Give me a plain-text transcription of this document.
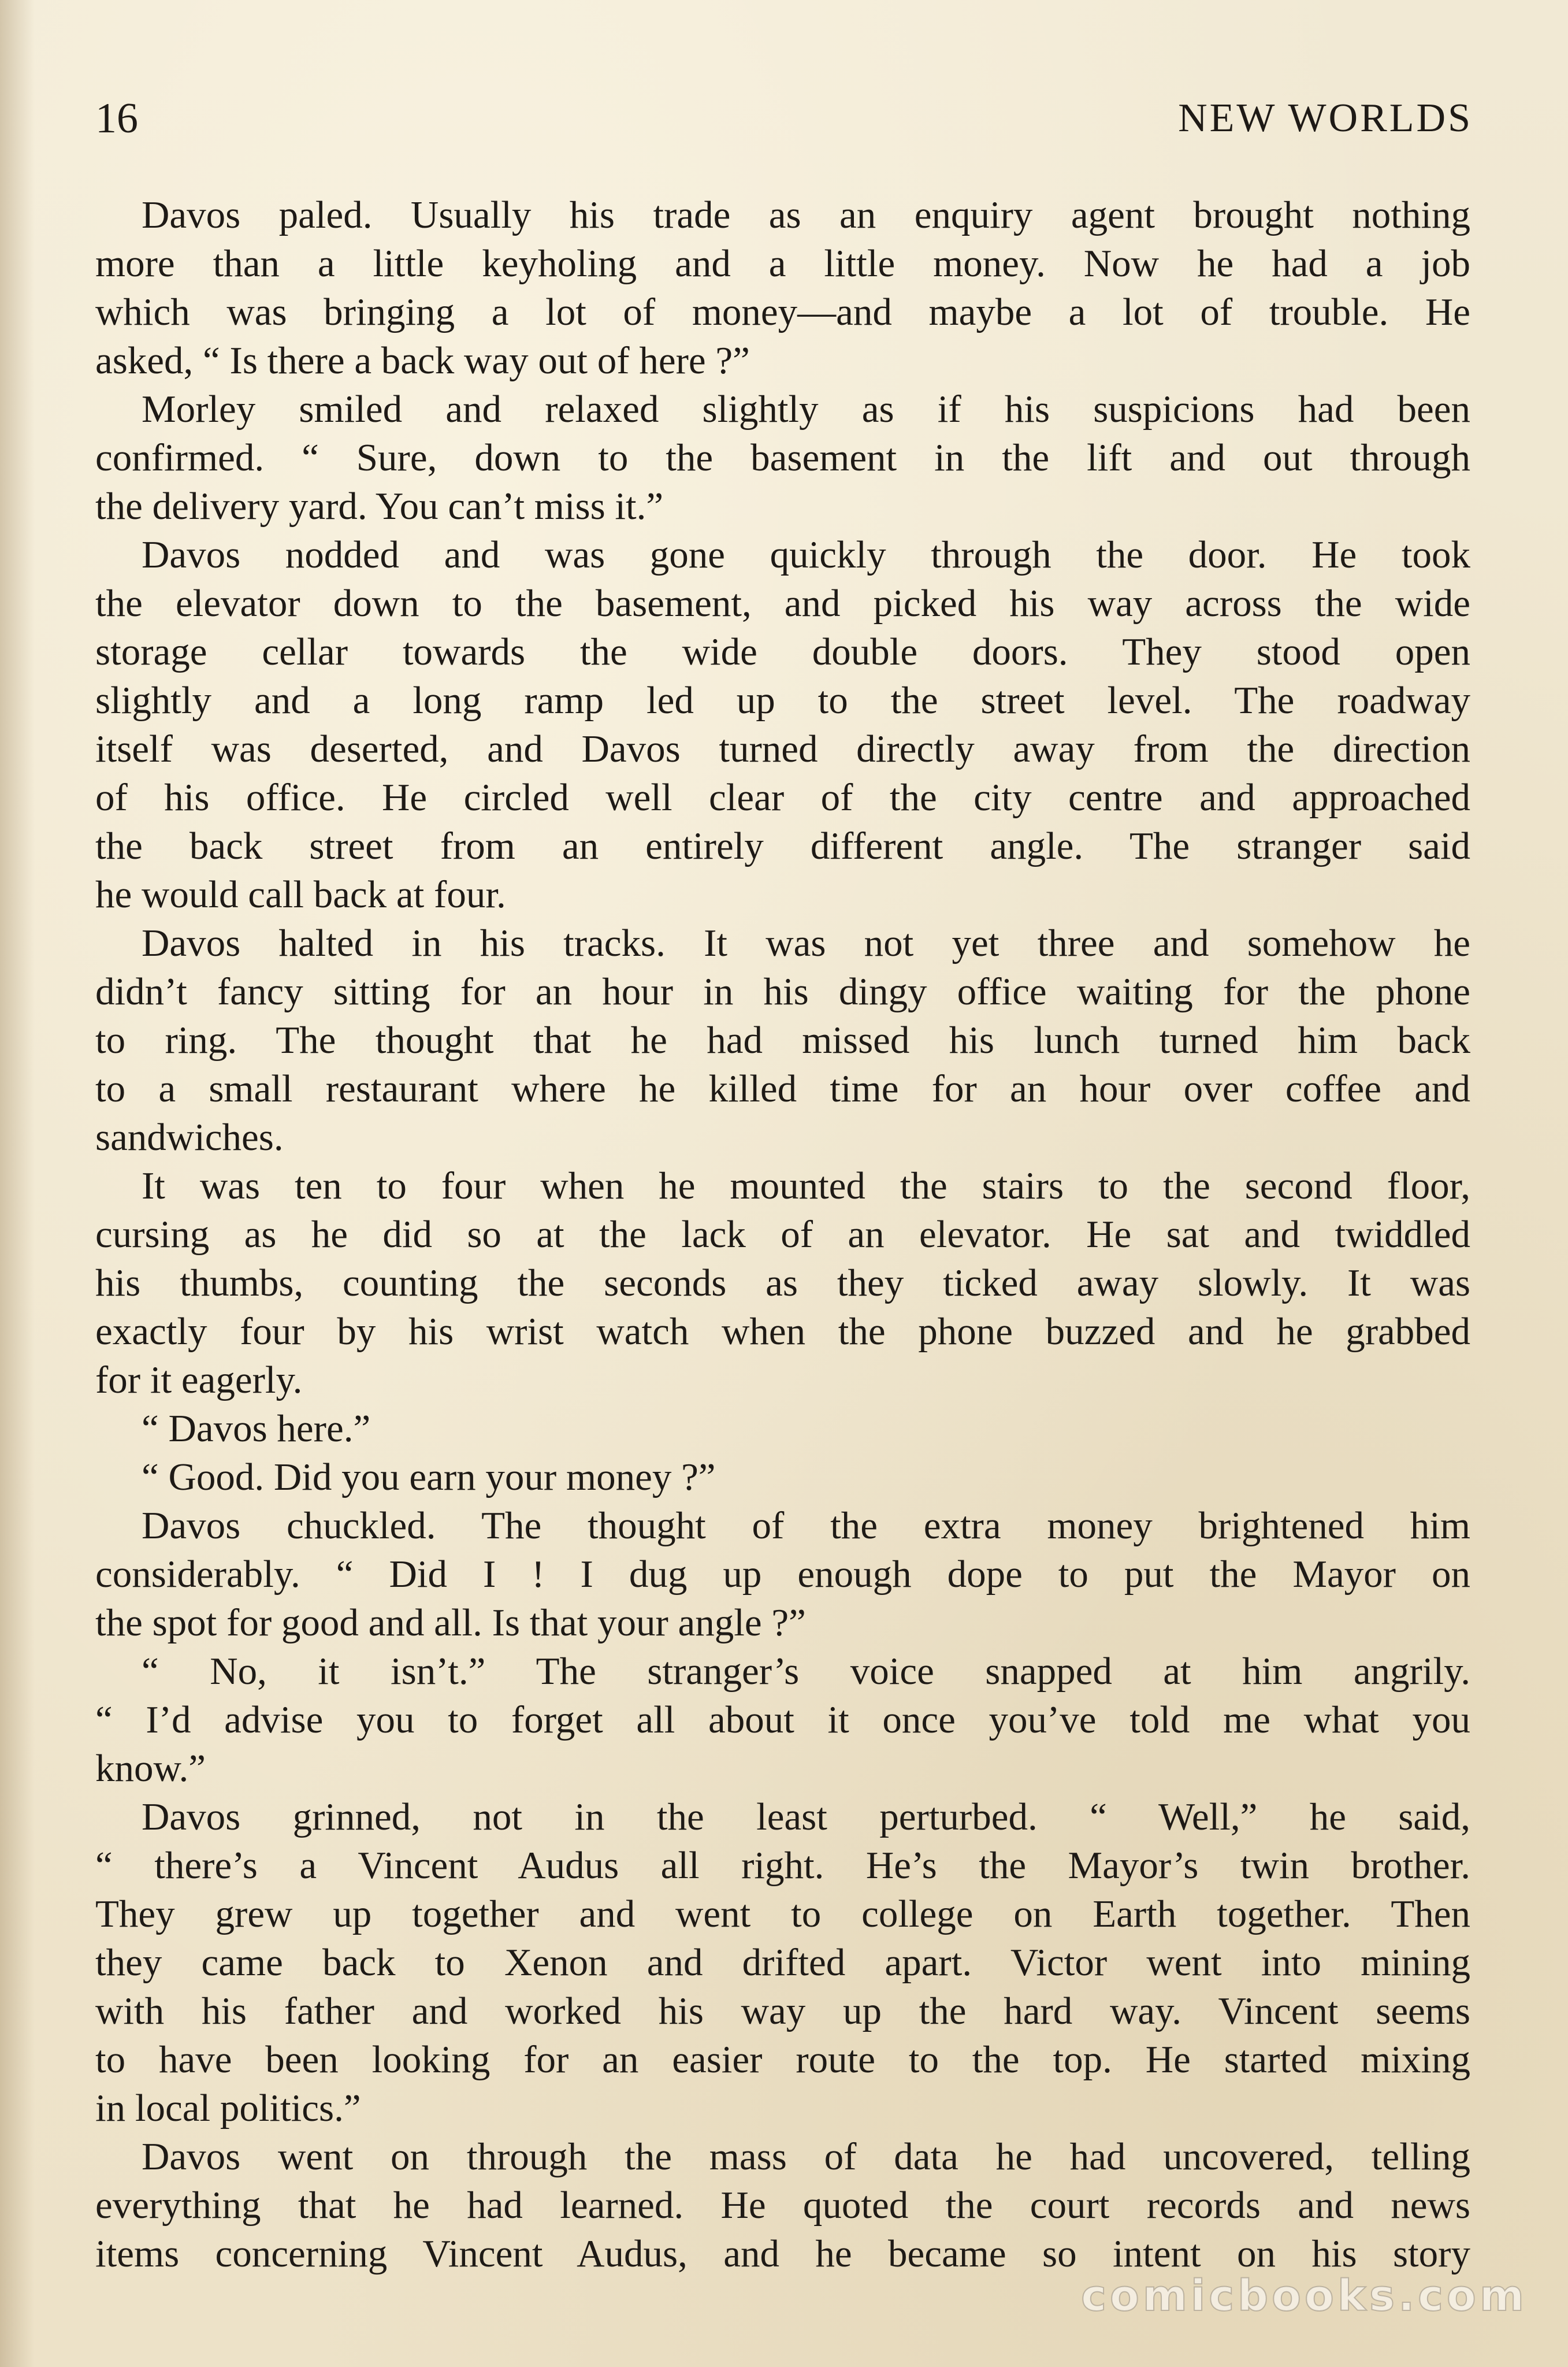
16	NEW WORLDS
Davos paled. Usually his trade as an enquiry agent brought nothing
more than a little keyholing and a little money. Now he had a job
which was bringing a lot of money—and maybe a lot of trouble. He
asked, “ Is there a back way out of here ?”
Morley smiled and relaxed slightly as if his suspicions had been
confirmed. “ Sure, down to the basement in the lift and out through
the delivery yard. You can’t miss it.”
Davos nodded and was gone quickly through the door. He took
the elevator down to the basement, and picked his way across the wide
storage cellar towards the wide double doors. They stood open
slightly and a long ramp led up to the street level. The roadway
itself was deserted, and Davos turned directly away from the direction
of his office. He circled well clear of the city centre and approached
the back street from an entirely different angle. The stranger said
he would call back at four.
Davos halted in his tracks. It was not yet three and somehow he
didn’t fancy sitting for an hour in his dingy office waiting for the phone
to ring. The thought that he had missed his lunch turned him back
to a small restaurant where he killed time for an hour over coffee and
sandwiches.
It was ten to four when he mounted the stairs to the second floor,
cursing as he did so at the lack of an elevator. He sat and twiddled
his thumbs, counting the seconds as they ticked away slowly. It was
exactly four by his wrist watch when the phone buzzed and he grabbed
for it eagerly.
“ Davos here.”
“ Good. Did you earn your money ?”
Davos chuckled. The thought of the extra money brightened him
considerably. “ Did I ! I dug up enough dope to put the Mayor on
the spot for good and all. Is that your angle ?”
“ No, it isn’t.” The stranger’s voice snapped at him angrily.
“ I’d advise you to forget all about it once you’ve told me what you
know.”
Davos grinned, not in the least perturbed. “ Well,” he said,
“ there’s a Vincent Audus all right. He’s the Mayor’s twin brother.
They grew up together and went to college on Earth together. Then
they came back to Xenon and drifted apart. Victor went into mining
with his father and worked his way up the hard way. Vincent seems
to have been looking for an easier route to the top. He started mixing
in local politics.”
Davos went on through the mass of data he had uncovered, telling
everything that he had learned. He quoted the court records and news
items concerning Vincent Audus, and he became so intent on his story
comicbooks.com
